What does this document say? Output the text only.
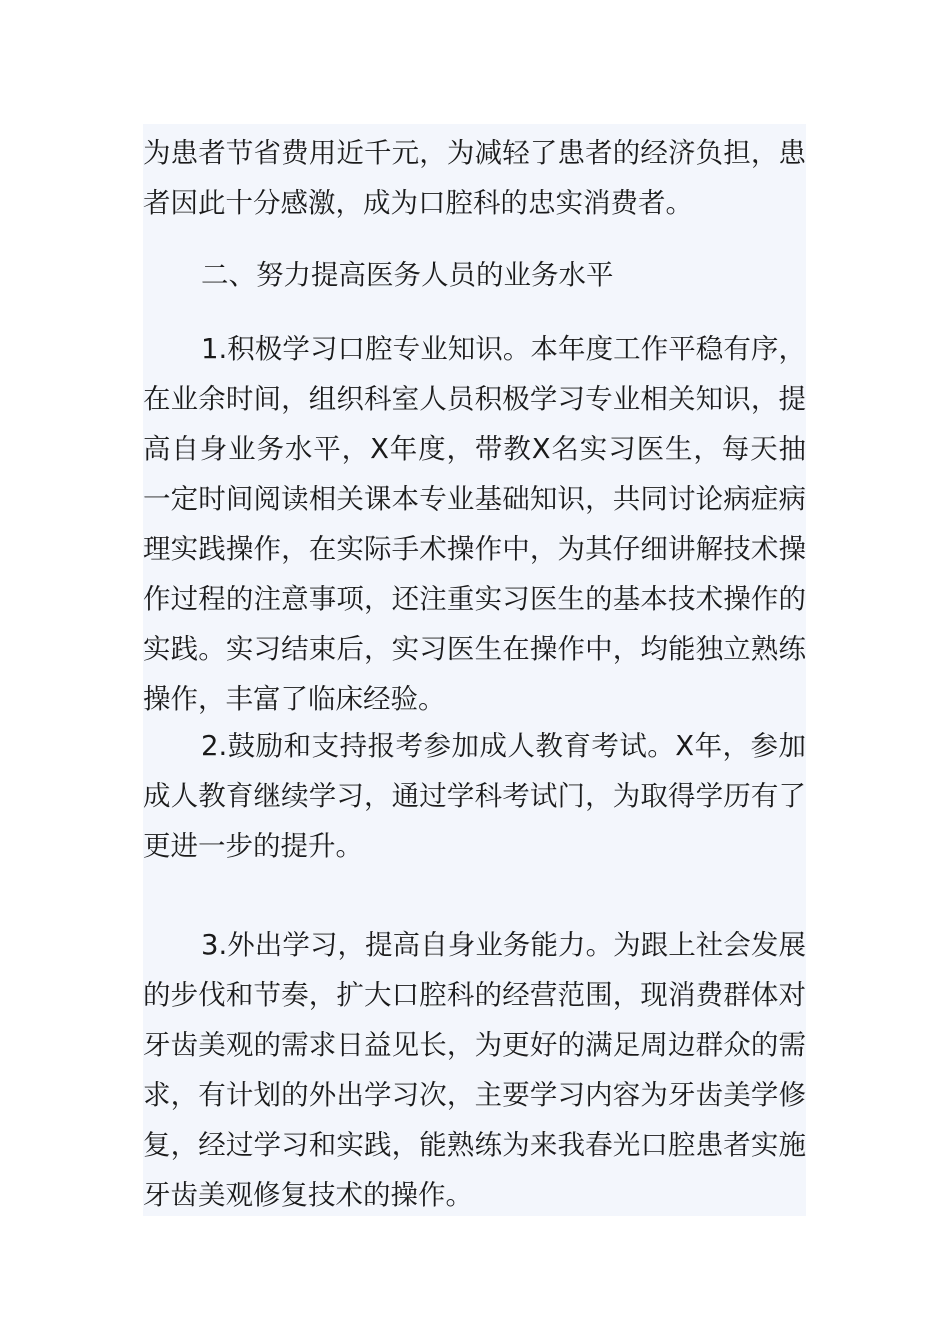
为患者节省费用近千元，为减轻了患者的经济负担，患者因此十分感激，成为口腔科的忠实消费者。

二、努力提高医务人员的业务水平

1.积极学习口腔专业知识。本年度工作平稳有序，在业余时间，组织科室人员积极学习专业相关知识，提高自身业务水平，X年度，带教X名实习医生，每天抽一定时间阅读相关课本专业基础知识，共同讨论病症病理实践操作，在实际手术操作中，为其仔细讲解技术操作过程的注意事项，还注重实习医生的基本技术操作的实践。实习结束后，实习医生在操作中，均能独立熟练操作，丰富了临床经验。

2.鼓励和支持报考参加成人教育考试。X年，参加成人教育继续学习，通过学科考试门，为取得学历有了更进一步的提升。

3.外出学习，提高自身业务能力。为跟上社会发展的步伐和节奏，扩大口腔科的经营范围，现消费群体对牙齿美观的需求日益见长，为更好的满足周边群众的需求，有计划的外出学习次，主要学习内容为牙齿美学修复，经过学习和实践，能熟练为来我春光口腔患者实施牙齿美观修复技术的操作。
